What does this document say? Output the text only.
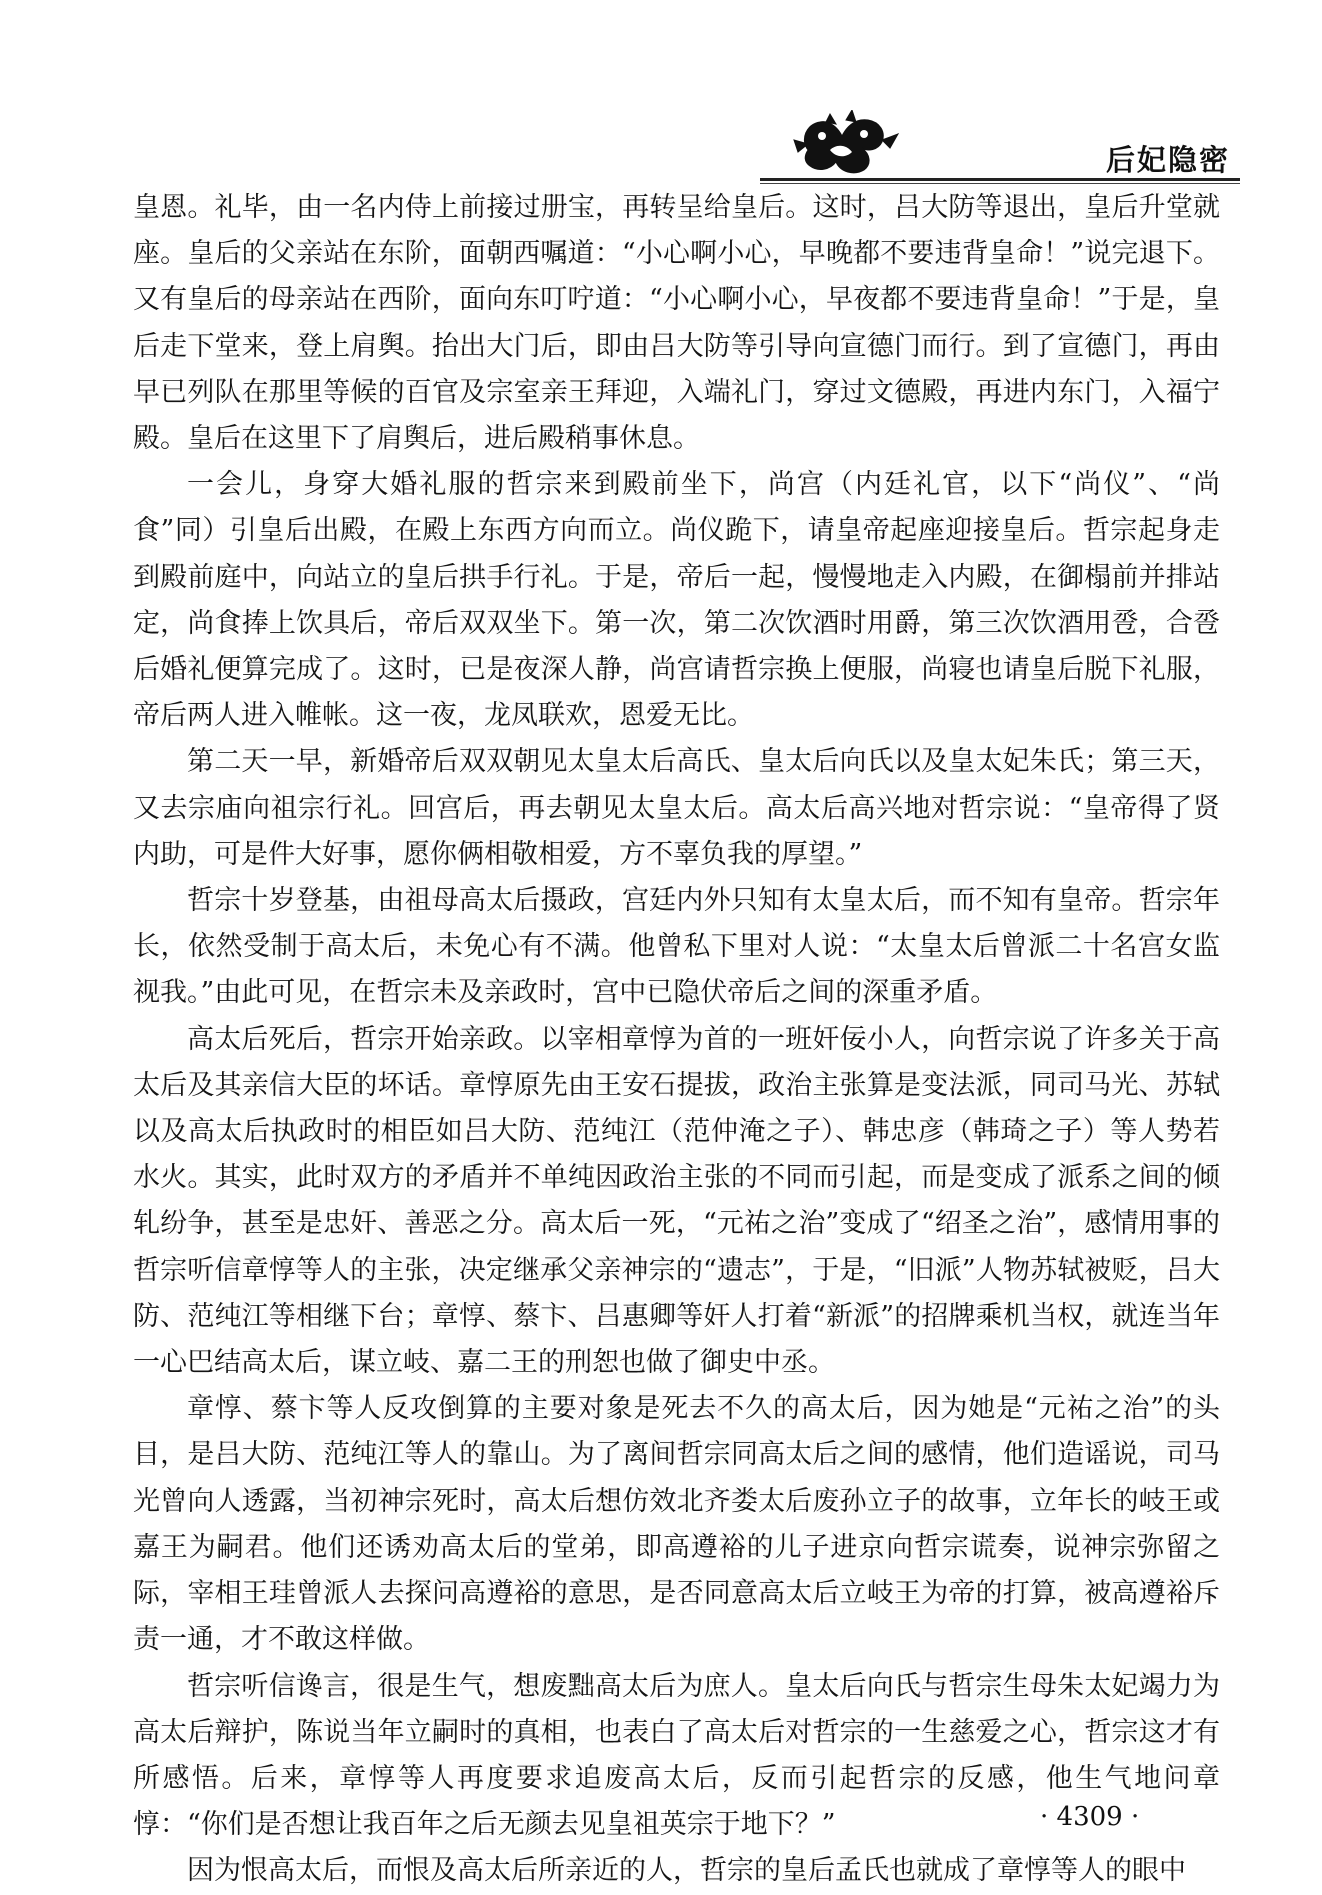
后妃隐密

皇恩。礼毕，由一名内侍上前接过册宝，再转呈给皇后。这时，吕大防等退出，皇后升堂就座。皇后的父亲站在东阶，面朝西嘱道：“小心啊小心，早晚都不要违背皇命！”说完退下。又有皇后的母亲站在西阶，面向东叮咛道：“小心啊小心，早夜都不要违背皇命！”于是，皇后走下堂来，登上肩舆。抬出大门后，即由吕大防等引导向宣德门而行。到了宣德门，再由早已列队在那里等候的百官及宗室亲王拜迎，入端礼门，穿过文德殿，再进内东门，入福宁殿。皇后在这里下了肩舆后，进后殿稍事休息。

一会儿，身穿大婚礼服的哲宗来到殿前坐下，尚宫（内廷礼官，以下“尚仪”、“尚食”同）引皇后出殿，在殿上东西方向而立。尚仪跪下，请皇帝起座迎接皇后。哲宗起身走到殿前庭中，向站立的皇后拱手行礼。于是，帝后一起，慢慢地走入内殿，在御榻前并排站定，尚食捧上饮具后，帝后双双坐下。第一次，第二次饮酒时用爵，第三次饮酒用卺，合卺后婚礼便算完成了。这时，已是夜深人静，尚宫请哲宗换上便服，尚寝也请皇后脱下礼服，帝后两人进入帷帐。这一夜，龙凤联欢，恩爱无比。

第二天一早，新婚帝后双双朝见太皇太后高氏、皇太后向氏以及皇太妃朱氏；第三天，又去宗庙向祖宗行礼。回宫后，再去朝见太皇太后。高太后高兴地对哲宗说：“皇帝得了贤内助，可是件大好事，愿你俩相敬相爱，方不辜负我的厚望。”

哲宗十岁登基，由祖母高太后摄政，宫廷内外只知有太皇太后，而不知有皇帝。哲宗年长，依然受制于高太后，未免心有不满。他曾私下里对人说：“太皇太后曾派二十名宫女监视我。”由此可见，在哲宗未及亲政时，宫中已隐伏帝后之间的深重矛盾。

高太后死后，哲宗开始亲政。以宰相章惇为首的一班奸佞小人，向哲宗说了许多关于高太后及其亲信大臣的坏话。章惇原先由王安石提拔，政治主张算是变法派，同司马光、苏轼以及高太后执政时的相臣如吕大防、范纯江（范仲淹之子）、韩忠彦（韩琦之子）等人势若水火。其实，此时双方的矛盾并不单纯因政治主张的不同而引起，而是变成了派系之间的倾轧纷争，甚至是忠奸、善恶之分。高太后一死，“元祐之治”变成了“绍圣之治”，感情用事的哲宗听信章惇等人的主张，决定继承父亲神宗的“遗志”，于是，“旧派”人物苏轼被贬，吕大防、范纯江等相继下台；章惇、蔡卞、吕惠卿等奸人打着“新派”的招牌乘机当权，就连当年一心巴结高太后，谋立岐、嘉二王的刑恕也做了御史中丞。

章惇、蔡卞等人反攻倒算的主要对象是死去不久的高太后，因为她是“元祐之治”的头目，是吕大防、范纯江等人的靠山。为了离间哲宗同高太后之间的感情，他们造谣说，司马光曾向人透露，当初神宗死时，高太后想仿效北齐娄太后废孙立子的故事，立年长的岐王或嘉王为嗣君。他们还诱劝高太后的堂弟，即高遵裕的儿子进京向哲宗谎奏，说神宗弥留之际，宰相王珪曾派人去探问高遵裕的意思，是否同意高太后立岐王为帝的打算，被高遵裕斥责一通，才不敢这样做。

哲宗听信谗言，很是生气，想废黜高太后为庶人。皇太后向氏与哲宗生母朱太妃竭力为高太后辩护，陈说当年立嗣时的真相，也表白了高太后对哲宗的一生慈爱之心，哲宗这才有所感悟。后来，章惇等人再度要求追废高太后，反而引起哲宗的反感，他生气地问章惇：“你们是否想让我百年之后无颜去见皇祖英宗于地下？”

因为恨高太后，而恨及高太后所亲近的人，哲宗的皇后孟氏也就成了章惇等人的眼中

· 4309 ·
